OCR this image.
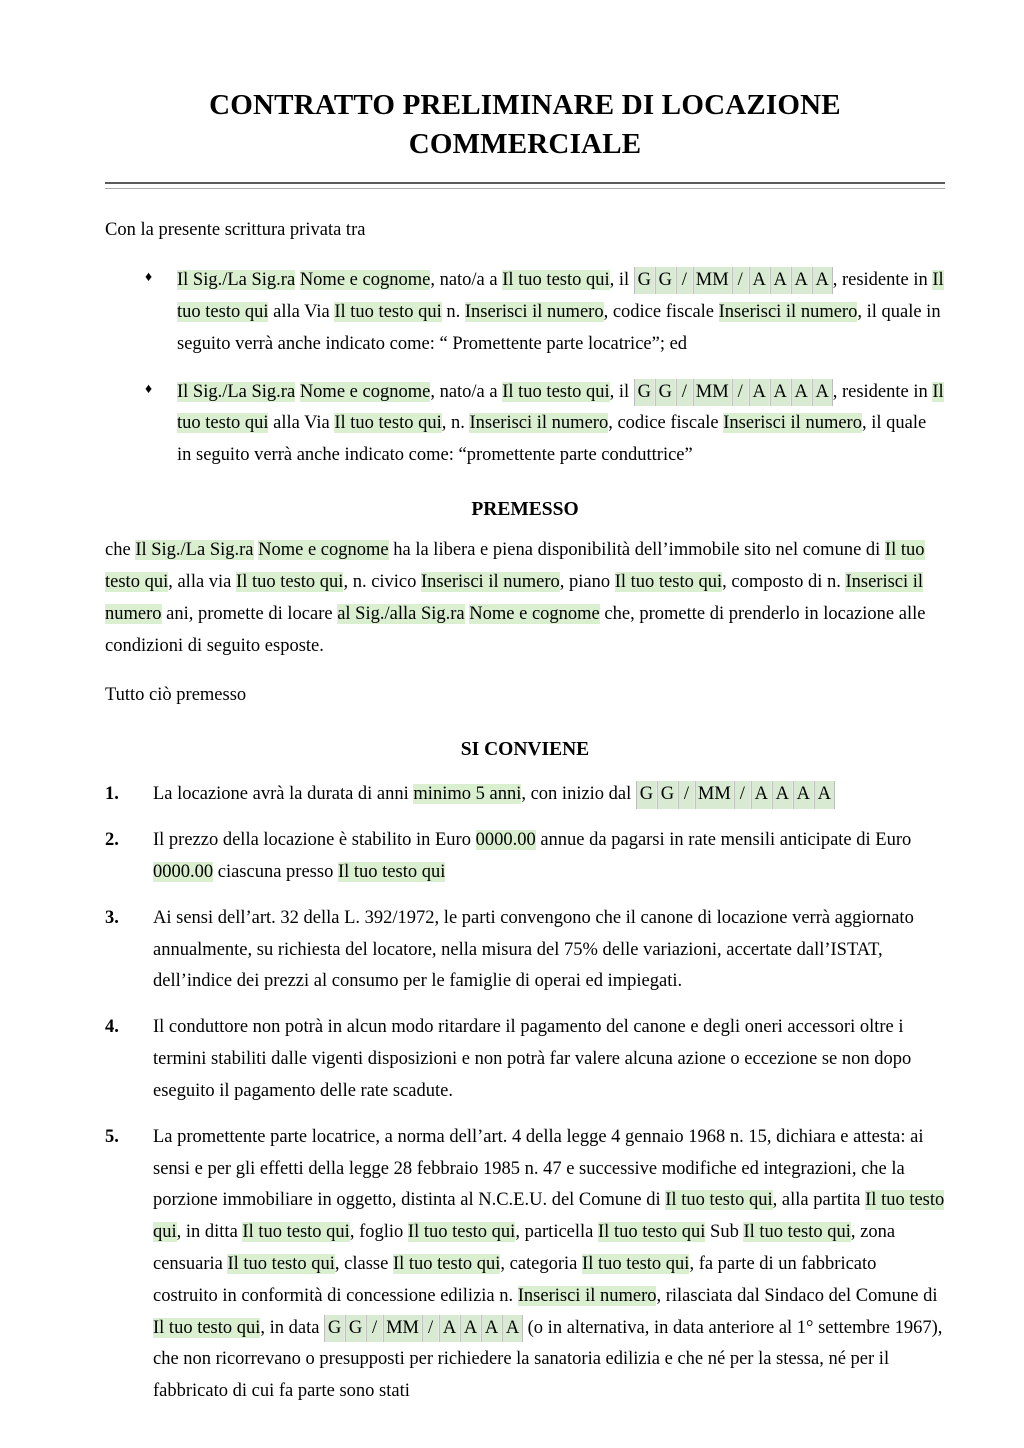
CONTRATTO PRELIMINARE DI LOCAZIONE
COMMERCIALE

Con la presente scrittura privata tra

♦ Il Sig./La Sig.ra Nome e cognome, nato/a a Il tuo testo qui, il G G / MM / A A A A , residente in Il tuo testo qui alla Via Il tuo testo qui n. Inserisci il numero, codice fiscale Inserisci il numero, il quale in seguito verrà anche indicato come: “ Promettente parte locatrice”; ed
♦ Il Sig./La Sig.ra Nome e cognome, nato/a a Il tuo testo qui, il G G / MM / A A A A , residente in Il tuo testo qui alla Via Il tuo testo qui, n. Inserisci il numero, codice fiscale Inserisci il numero, il quale in seguito verrà anche indicato come: “promettente parte conduttrice”

PREMESSO

che Il Sig./La Sig.ra Nome e cognome ha la libera e piena disponibilità dell’immobile sito nel comune di Il tuo testo qui, alla via Il tuo testo qui, n. civico Inserisci il numero, piano Il tuo testo qui, composto di n. Inserisci il numero ani, promette di locare al Sig./alla Sig.ra Nome e cognome che, promette di prenderlo in locazione alle condizioni di seguito esposte.

Tutto ciò premesso

SI CONVIENE

1. La locazione avrà la durata di anni minimo 5 anni, con inizio dal G G / MM / A A A A
2. Il prezzo della locazione è stabilito in Euro 0000.00 annue da pagarsi in rate mensili anticipate di Euro 0000.00 ciascuna presso Il tuo testo qui
3. Ai sensi dell’art. 32 della L. 392/1972, le parti convengono che il canone di locazione verrà aggiornato annualmente, su richiesta del locatore, nella misura del 75% delle variazioni, accertate dall’ISTAT, dell’indice dei prezzi al consumo per le famiglie di operai ed impiegati.
4. Il conduttore non potrà in alcun modo ritardare il pagamento del canone e degli oneri accessori oltre i termini stabiliti dalle vigenti disposizioni e non potrà far valere alcuna azione o eccezione se non dopo eseguito il pagamento delle rate scadute.
5. La promettente parte locatrice, a norma dell’art. 4 della legge 4 gennaio 1968 n. 15, dichiara e attesta: ai sensi e per gli effetti della legge 28 febbraio 1985 n. 47 e successive modifiche ed integrazioni, che la porzione immobiliare in oggetto, distinta al N.C.E.U. del Comune di Il tuo testo qui, alla partita Il tuo testo qui, in ditta Il tuo testo qui, foglio Il tuo testo qui, particella Il tuo testo qui Sub Il tuo testo qui, zona censuaria Il tuo testo qui, classe Il tuo testo qui, categoria Il tuo testo qui, fa parte di un fabbricato costruito in conformità di concessione edilizia n. Inserisci il numero, rilasciata dal Sindaco del Comune di Il tuo testo qui, in data G G / MM / A A A A (o in alternativa, in data anteriore al 1° settembre 1967), che non ricorrevano o presupposti per richiedere la sanatoria edilizia e che né per la stessa, né per il fabbricato di cui fa parte sono stati
